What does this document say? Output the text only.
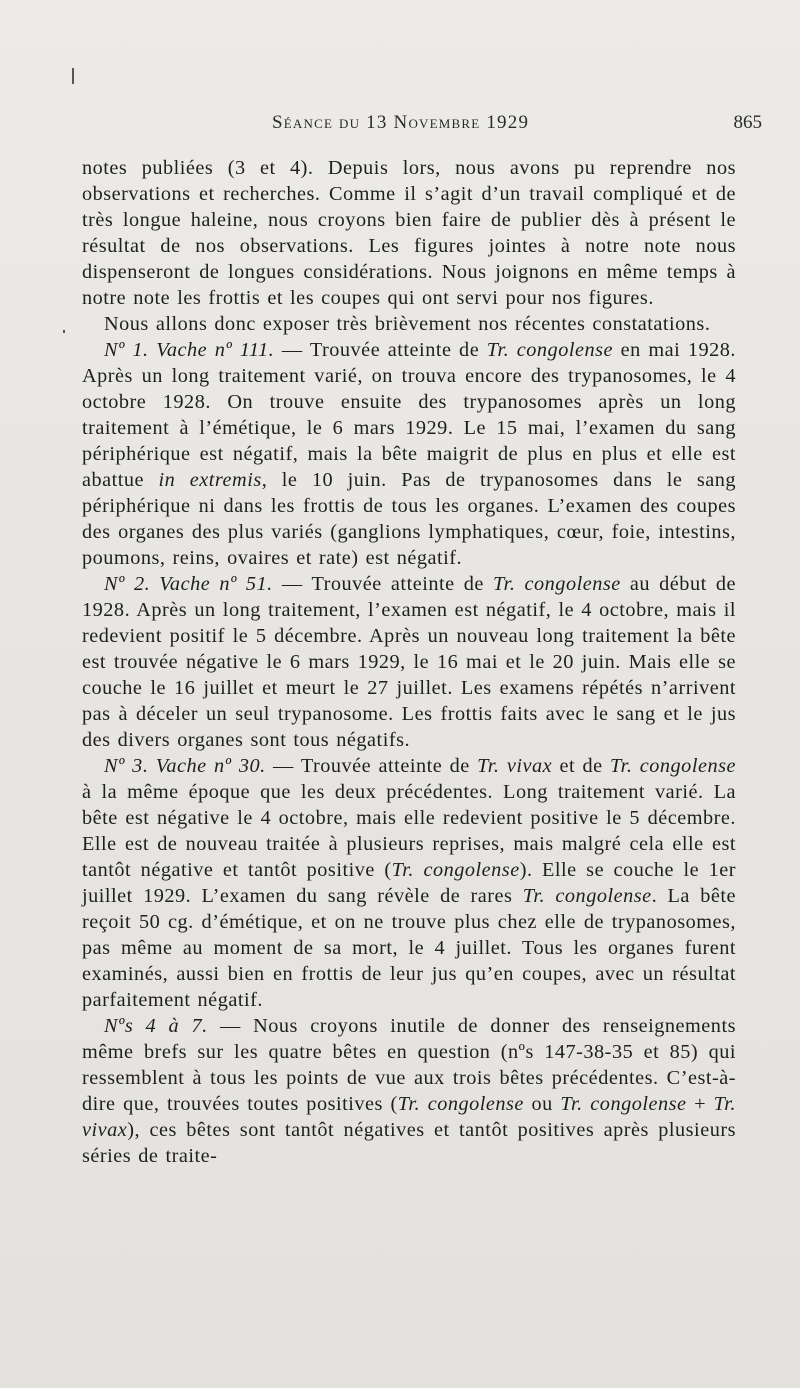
Séance du 13 Novembre 1929	865

notes publiées (3 et 4). Depuis lors, nous avons pu reprendre nos observations et recherches. Comme il s’agit d’un travail compliqué et de très longue haleine, nous croyons bien faire de publier dès à présent le résultat de nos observations. Les figures jointes à notre note nous dispenseront de longues considérations. Nous joignons en même temps à notre note les frottis et les coupes qui ont servi pour nos figures.

Nous allons donc exposer très brièvement nos récentes constatations.

Nº 1. Vache nº 111. — Trouvée atteinte de Tr. congolense en mai 1928. Après un long traitement varié, on trouva encore des trypanosomes, le 4 octobre 1928. On trouve ensuite des trypanosomes après un long traitement à l’émétique, le 6 mars 1929. Le 15 mai, l’examen du sang périphérique est négatif, mais la bête maigrit de plus en plus et elle est abattue in extremis, le 10 juin. Pas de trypanosomes dans le sang périphérique ni dans les frottis de tous les organes. L’examen des coupes des organes des plus variés (ganglions lymphatiques, cœur, foie, intestins, poumons, reins, ovaires et rate) est négatif.

Nº 2. Vache nº 51. — Trouvée atteinte de Tr. congolense au début de 1928. Après un long traitement, l’examen est négatif, le 4 octobre, mais il redevient positif le 5 décembre. Après un nouveau long traitement la bête est trouvée négative le 6 mars 1929, le 16 mai et le 20 juin. Mais elle se couche le 16 juillet et meurt le 27 juillet. Les examens répétés n’arrivent pas à déceler un seul trypanosome. Les frottis faits avec le sang et le jus des divers organes sont tous négatifs.

Nº 3. Vache nº 30. — Trouvée atteinte de Tr. vivax et de Tr. congolense à la même époque que les deux précédentes. Long traitement varié. La bête est négative le 4 octobre, mais elle redevient positive le 5 décembre. Elle est de nouveau traitée à plusieurs reprises, mais malgré cela elle est tantôt négative et tantôt positive (Tr. congolense). Elle se couche le 1er juillet 1929. L’examen du sang révèle de rares Tr. congolense. La bête reçoit 50 cg. d’émétique, et on ne trouve plus chez elle de trypanosomes, pas même au moment de sa mort, le 4 juillet. Tous les organes furent examinés, aussi bien en frottis de leur jus qu’en coupes, avec un résultat parfaitement négatif.

Nºs 4 à 7. — Nous croyons inutile de donner des renseignements même brefs sur les quatre bêtes en question (nºs 147-38-35 et 85) qui ressemblent à tous les points de vue aux trois bêtes précédentes. C’est-à-dire que, trouvées toutes positives (Tr. congolense ou Tr. congolense + Tr. vivax), ces bêtes sont tantôt négatives et tantôt positives après plusieurs séries de traite-
